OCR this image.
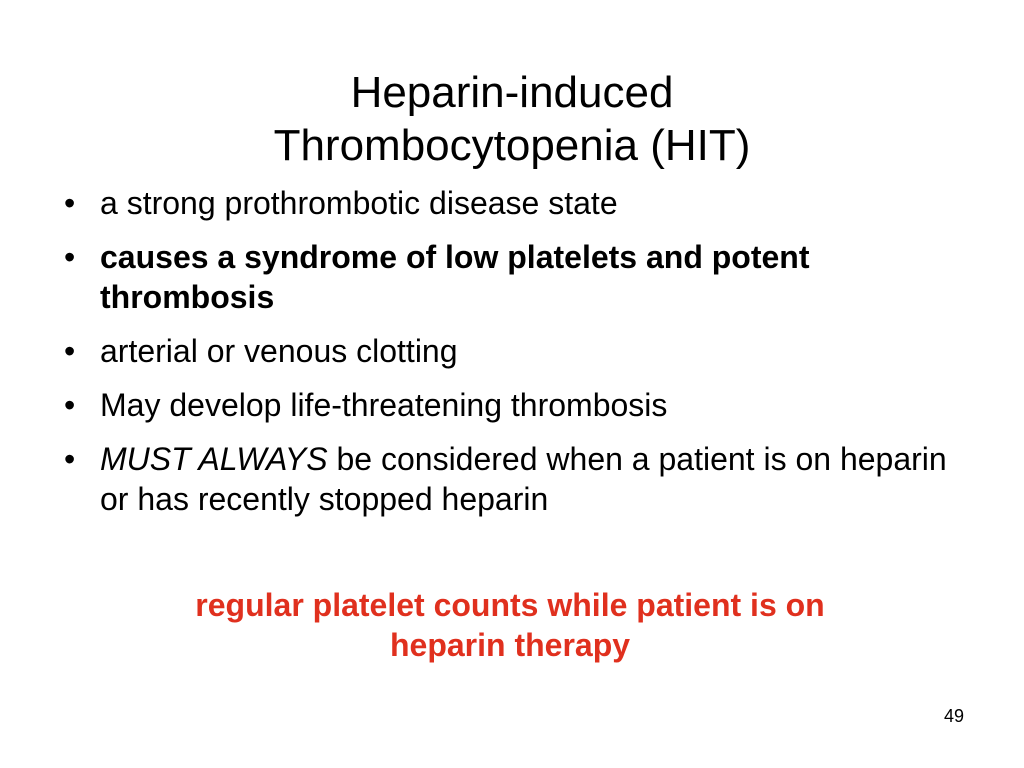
Heparin-induced
Thrombocytopenia (HIT)
• a strong prothrombotic disease state
• causes a syndrome of low platelets and potent thrombosis
• arterial or venous clotting
• May develop life-threatening thrombosis
• MUST ALWAYS be considered when a patient is on heparin or has recently stopped heparin
regular platelet counts while patient is on
heparin therapy
49
